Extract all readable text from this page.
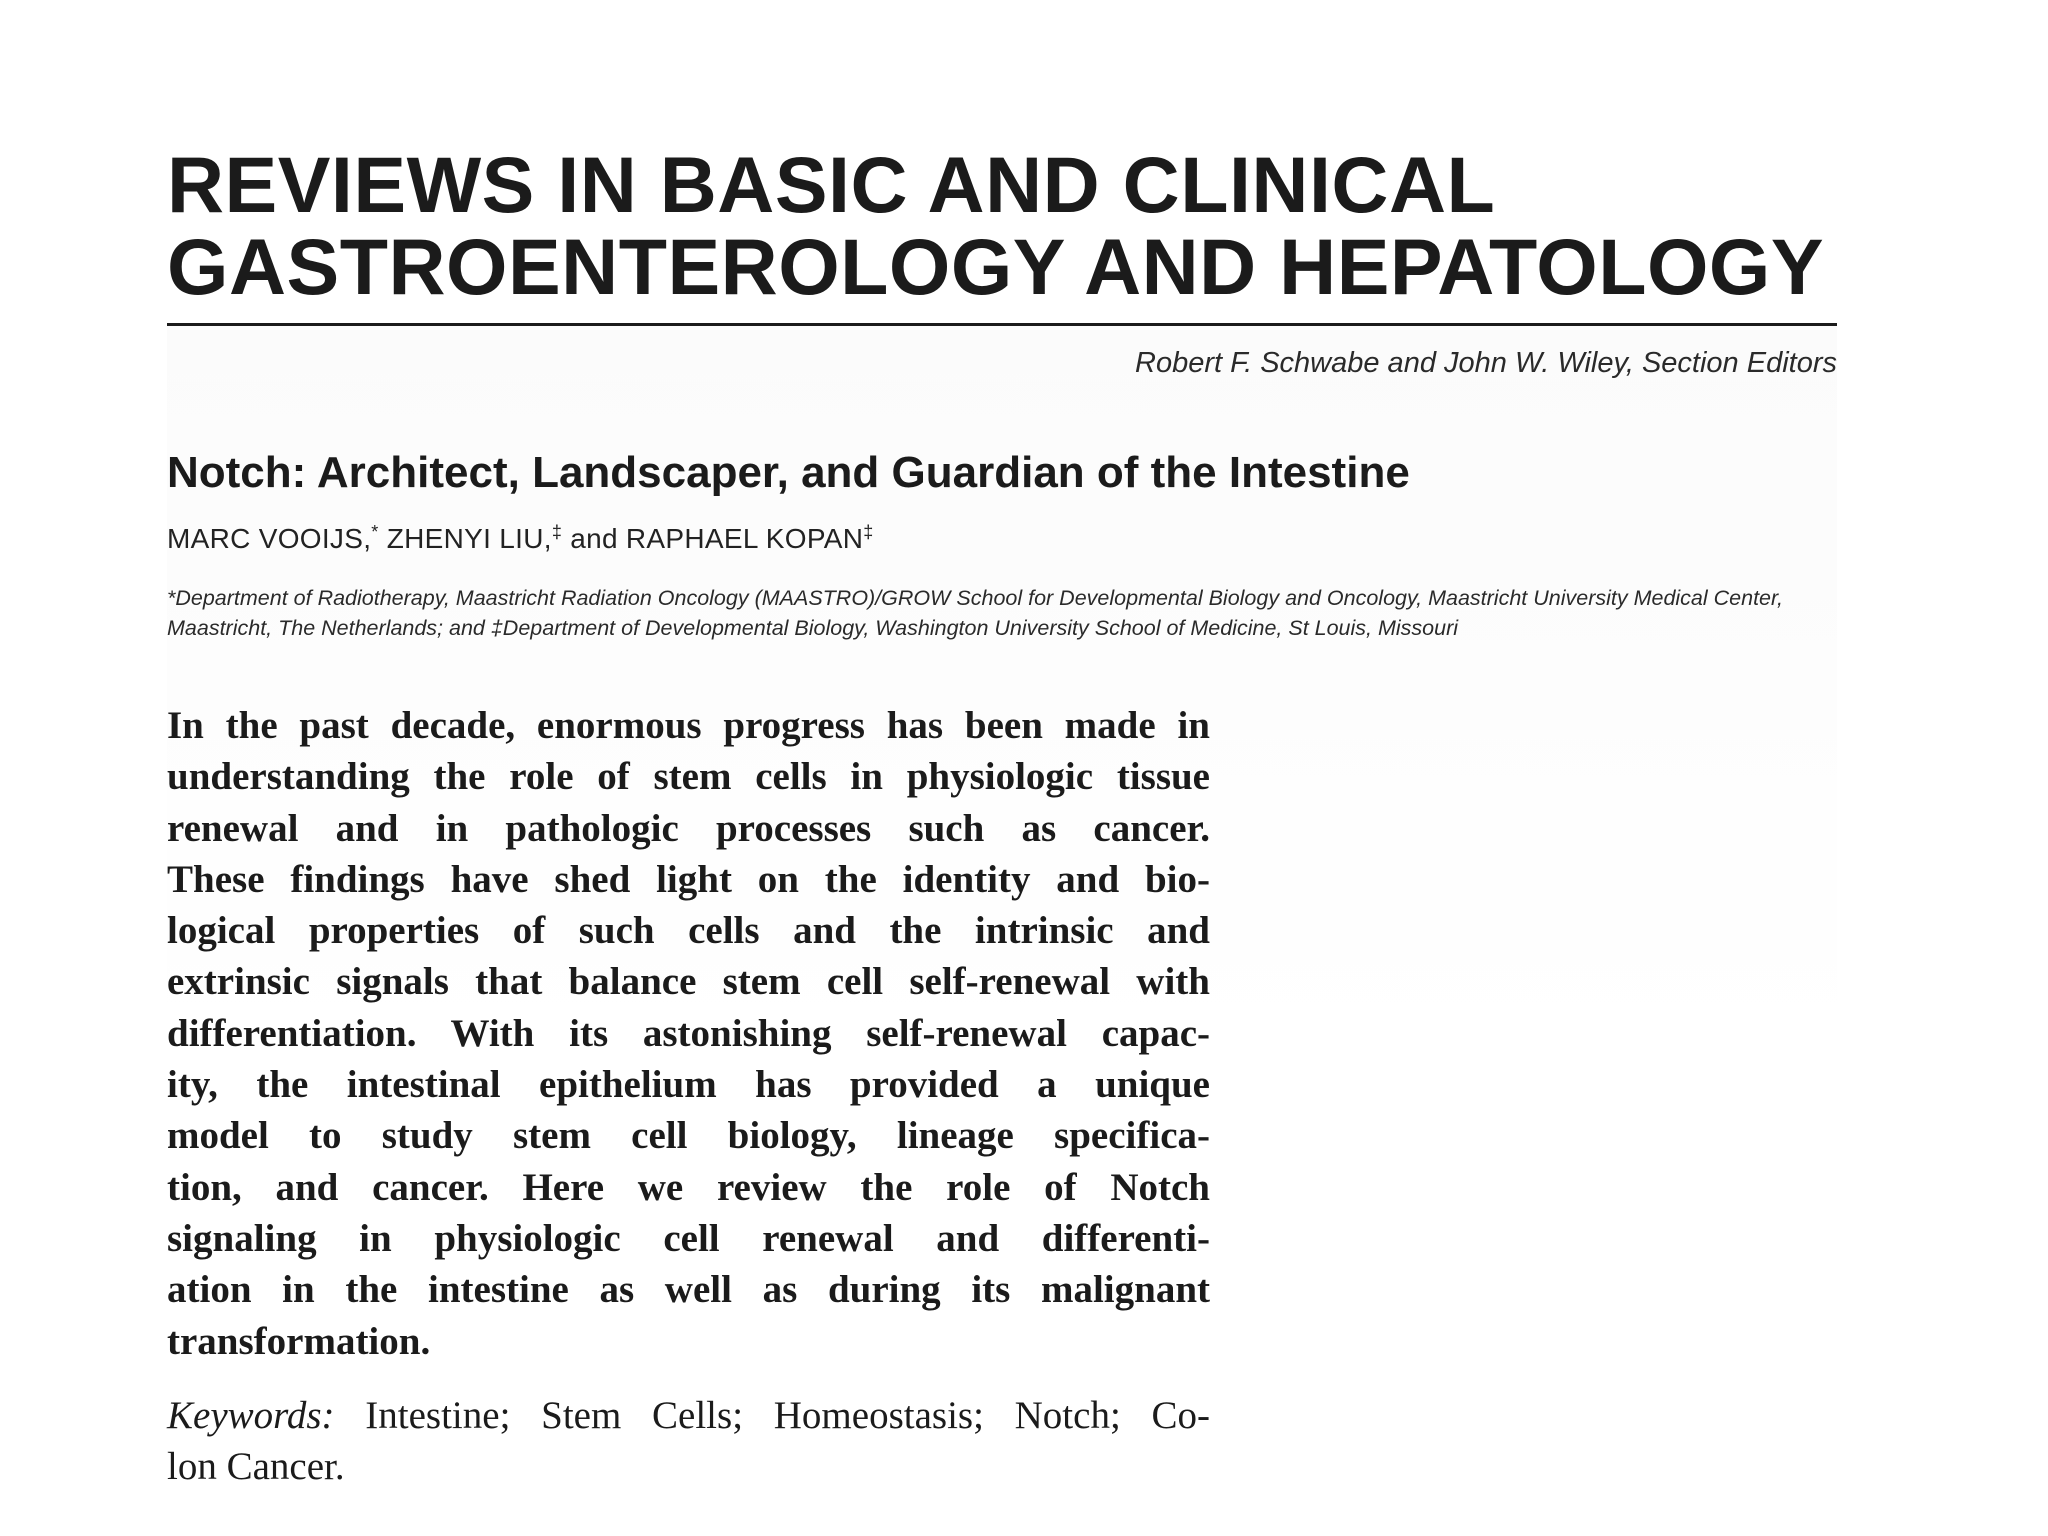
REVIEWS IN BASIC AND CLINICAL
GASTROENTEROLOGY AND HEPATOLOGY
Robert F. Schwabe and John W. Wiley, Section Editors
Notch: Architect, Landscaper, and Guardian of the Intestine
MARC VOOIJS,* ZHENYI LIU,‡ and RAPHAEL KOPAN‡
*Department of Radiotherapy, Maastricht Radiation Oncology (MAASTRO)/GROW School for Developmental Biology and Oncology, Maastricht University Medical Center,
Maastricht, The Netherlands; and ‡Department of Developmental Biology, Washington University School of Medicine, St Louis, Missouri
In the past decade, enormous progress has been made in
understanding the role of stem cells in physiologic tissue
renewal and in pathologic processes such as cancer.
These findings have shed light on the identity and bio-
logical properties of such cells and the intrinsic and
extrinsic signals that balance stem cell self-renewal with
differentiation. With its astonishing self-renewal capac-
ity, the intestinal epithelium has provided a unique
model to study stem cell biology, lineage specifica-
tion, and cancer. Here we review the role of Notch
signaling in physiologic cell renewal and differenti-
ation in the intestine as well as during its malignant
transformation.
Keywords: Intestine; Stem Cells; Homeostasis; Notch; Co-
lon Cancer.
